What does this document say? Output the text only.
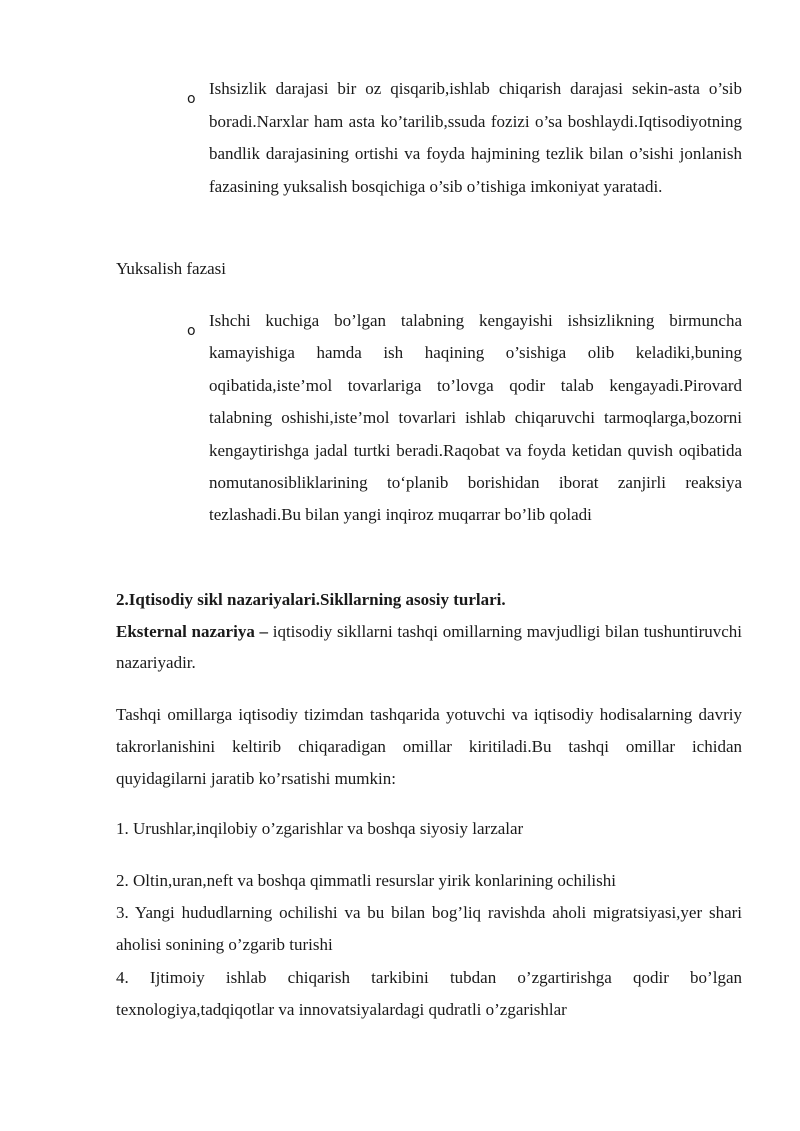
o

Ishsizlik darajasi bir oz qisqarib,ishlab chiqarish darajasi sekin-asta o’sib boradi.Narxlar ham asta ko’tarilib,ssuda fozizi o’sa boshlaydi.Iqtisodiyotning bandlik darajasining ortishi va foyda hajmining tezlik bilan o’sishi jonlanish fazasining yuksalish bosqichiga o’sib o’tishiga imkoniyat yaratadi.

Yuksalish fazasi
o

Ishchi kuchiga bo’lgan talabning kengayishi ishsizlikning birmuncha kamayishiga hamda ish haqining o’sishiga olib keladiki,buning oqibatida,iste’mol tovarlariga to’lovga qodir talab kengayadi.Pirovard talabning oshishi,iste’mol tovarlari ishlab chiqaruvchi tarmoqlarga,bozorni kengaytirishga jadal turtki beradi.Raqobat va foyda ketidan quvish oqibatida nomutanosibliklarining toʻplanib borishidan iborat zanjirli reaksiya tezlashadi.Bu bilan yangi inqiroz muqarrar bo’lib qoladi

2.Iqtisodiy sikl nazariyalari.Sikllarning asosiy turlari.

Eksternal nazariya – iqtisodiy sikllarni tashqi omillarning mavjudligi bilan tushuntiruvchi nazariyadir.

Tashqi omillarga iqtisodiy tizimdan tashqarida yotuvchi va iqtisodiy hodisalarning davriy takrorlanishini keltirib chiqaradigan omillar kiritiladi.Bu tashqi omillar ichidan quyidagilarni jaratib ko’rsatishi mumkin:

1. Urushlar,inqilobiy o’zgarishlar va boshqa siyosiy larzalar

2. Oltin,uran,neft va boshqa qimmatli resurslar yirik konlarining ochilishi

3. Yangi hududlarning ochilishi va bu bilan bog’liq ravishda aholi migratsiyasi,yer shari aholisi sonining o’zgarib turishi

4. Ijtimoiy ishlab chiqarish tarkibini tubdan o’zgartirishga qodir bo’lgan texnologiya,tadqiqotlar va innovatsiyalardagi qudratli o’zgarishlar
